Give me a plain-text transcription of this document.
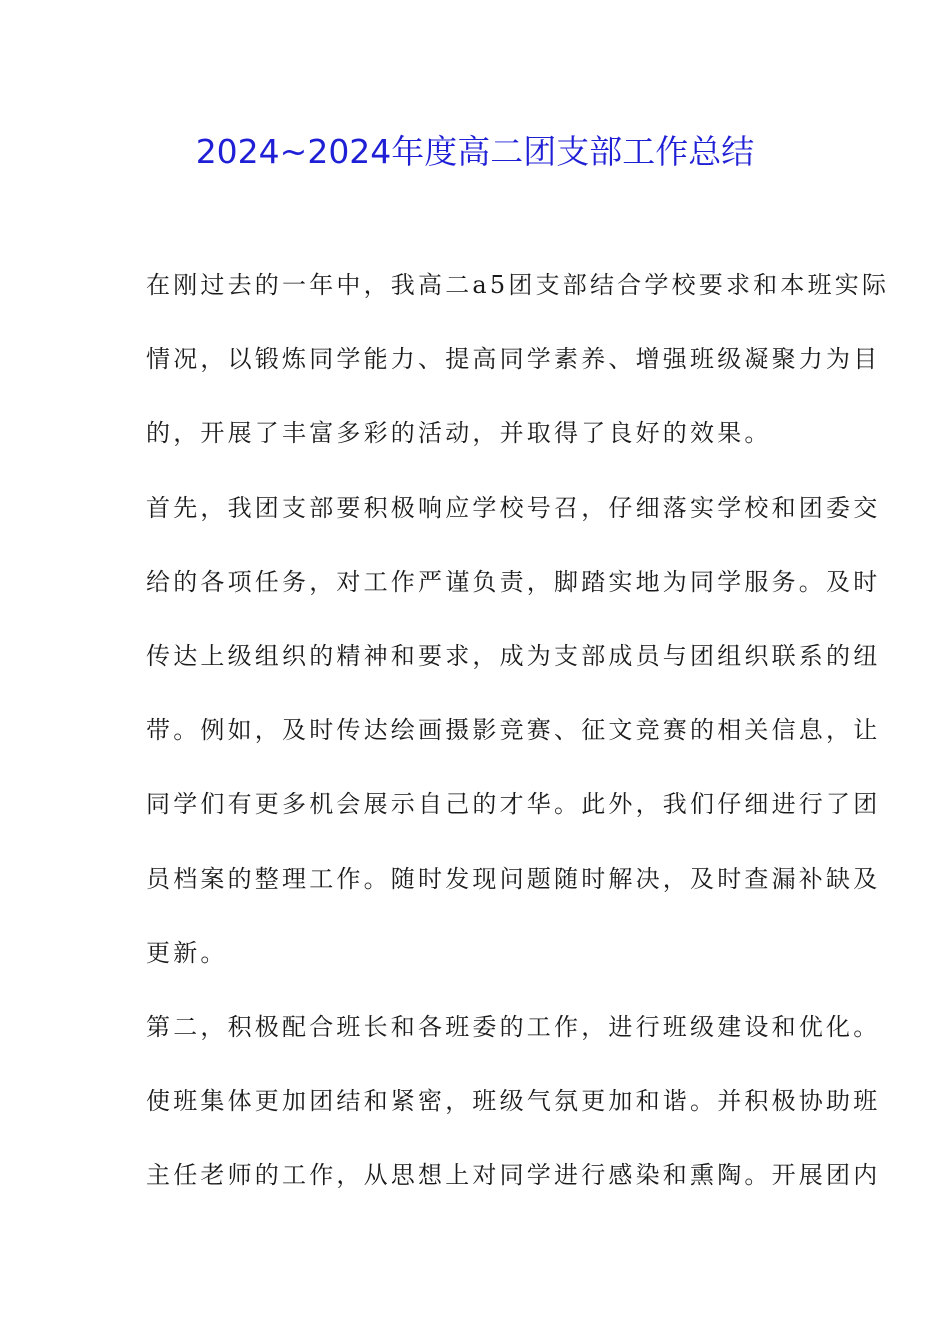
2024~2024年度高二团支部工作总结
在刚过去的一年中，我高二a5团支部结合学校要求和本班实际
情况，以锻炼同学能力、提高同学素养、增强班级凝聚力为目
的，开展了丰富多彩的活动，并取得了良好的效果。
首先，我团支部要积极响应学校号召，仔细落实学校和团委交
给的各项任务，对工作严谨负责，脚踏实地为同学服务。及时
传达上级组织的精神和要求，成为支部成员与团组织联系的纽
带。例如，及时传达绘画摄影竞赛、征文竞赛的相关信息，让
同学们有更多机会展示自己的才华。此外，我们仔细进行了团
员档案的整理工作。随时发现问题随时解决，及时查漏补缺及
更新。
第二，积极配合班长和各班委的工作，进行班级建设和优化。
使班集体更加团结和紧密，班级气氛更加和谐。并积极协助班
主任老师的工作，从思想上对同学进行感染和熏陶。开展团内
